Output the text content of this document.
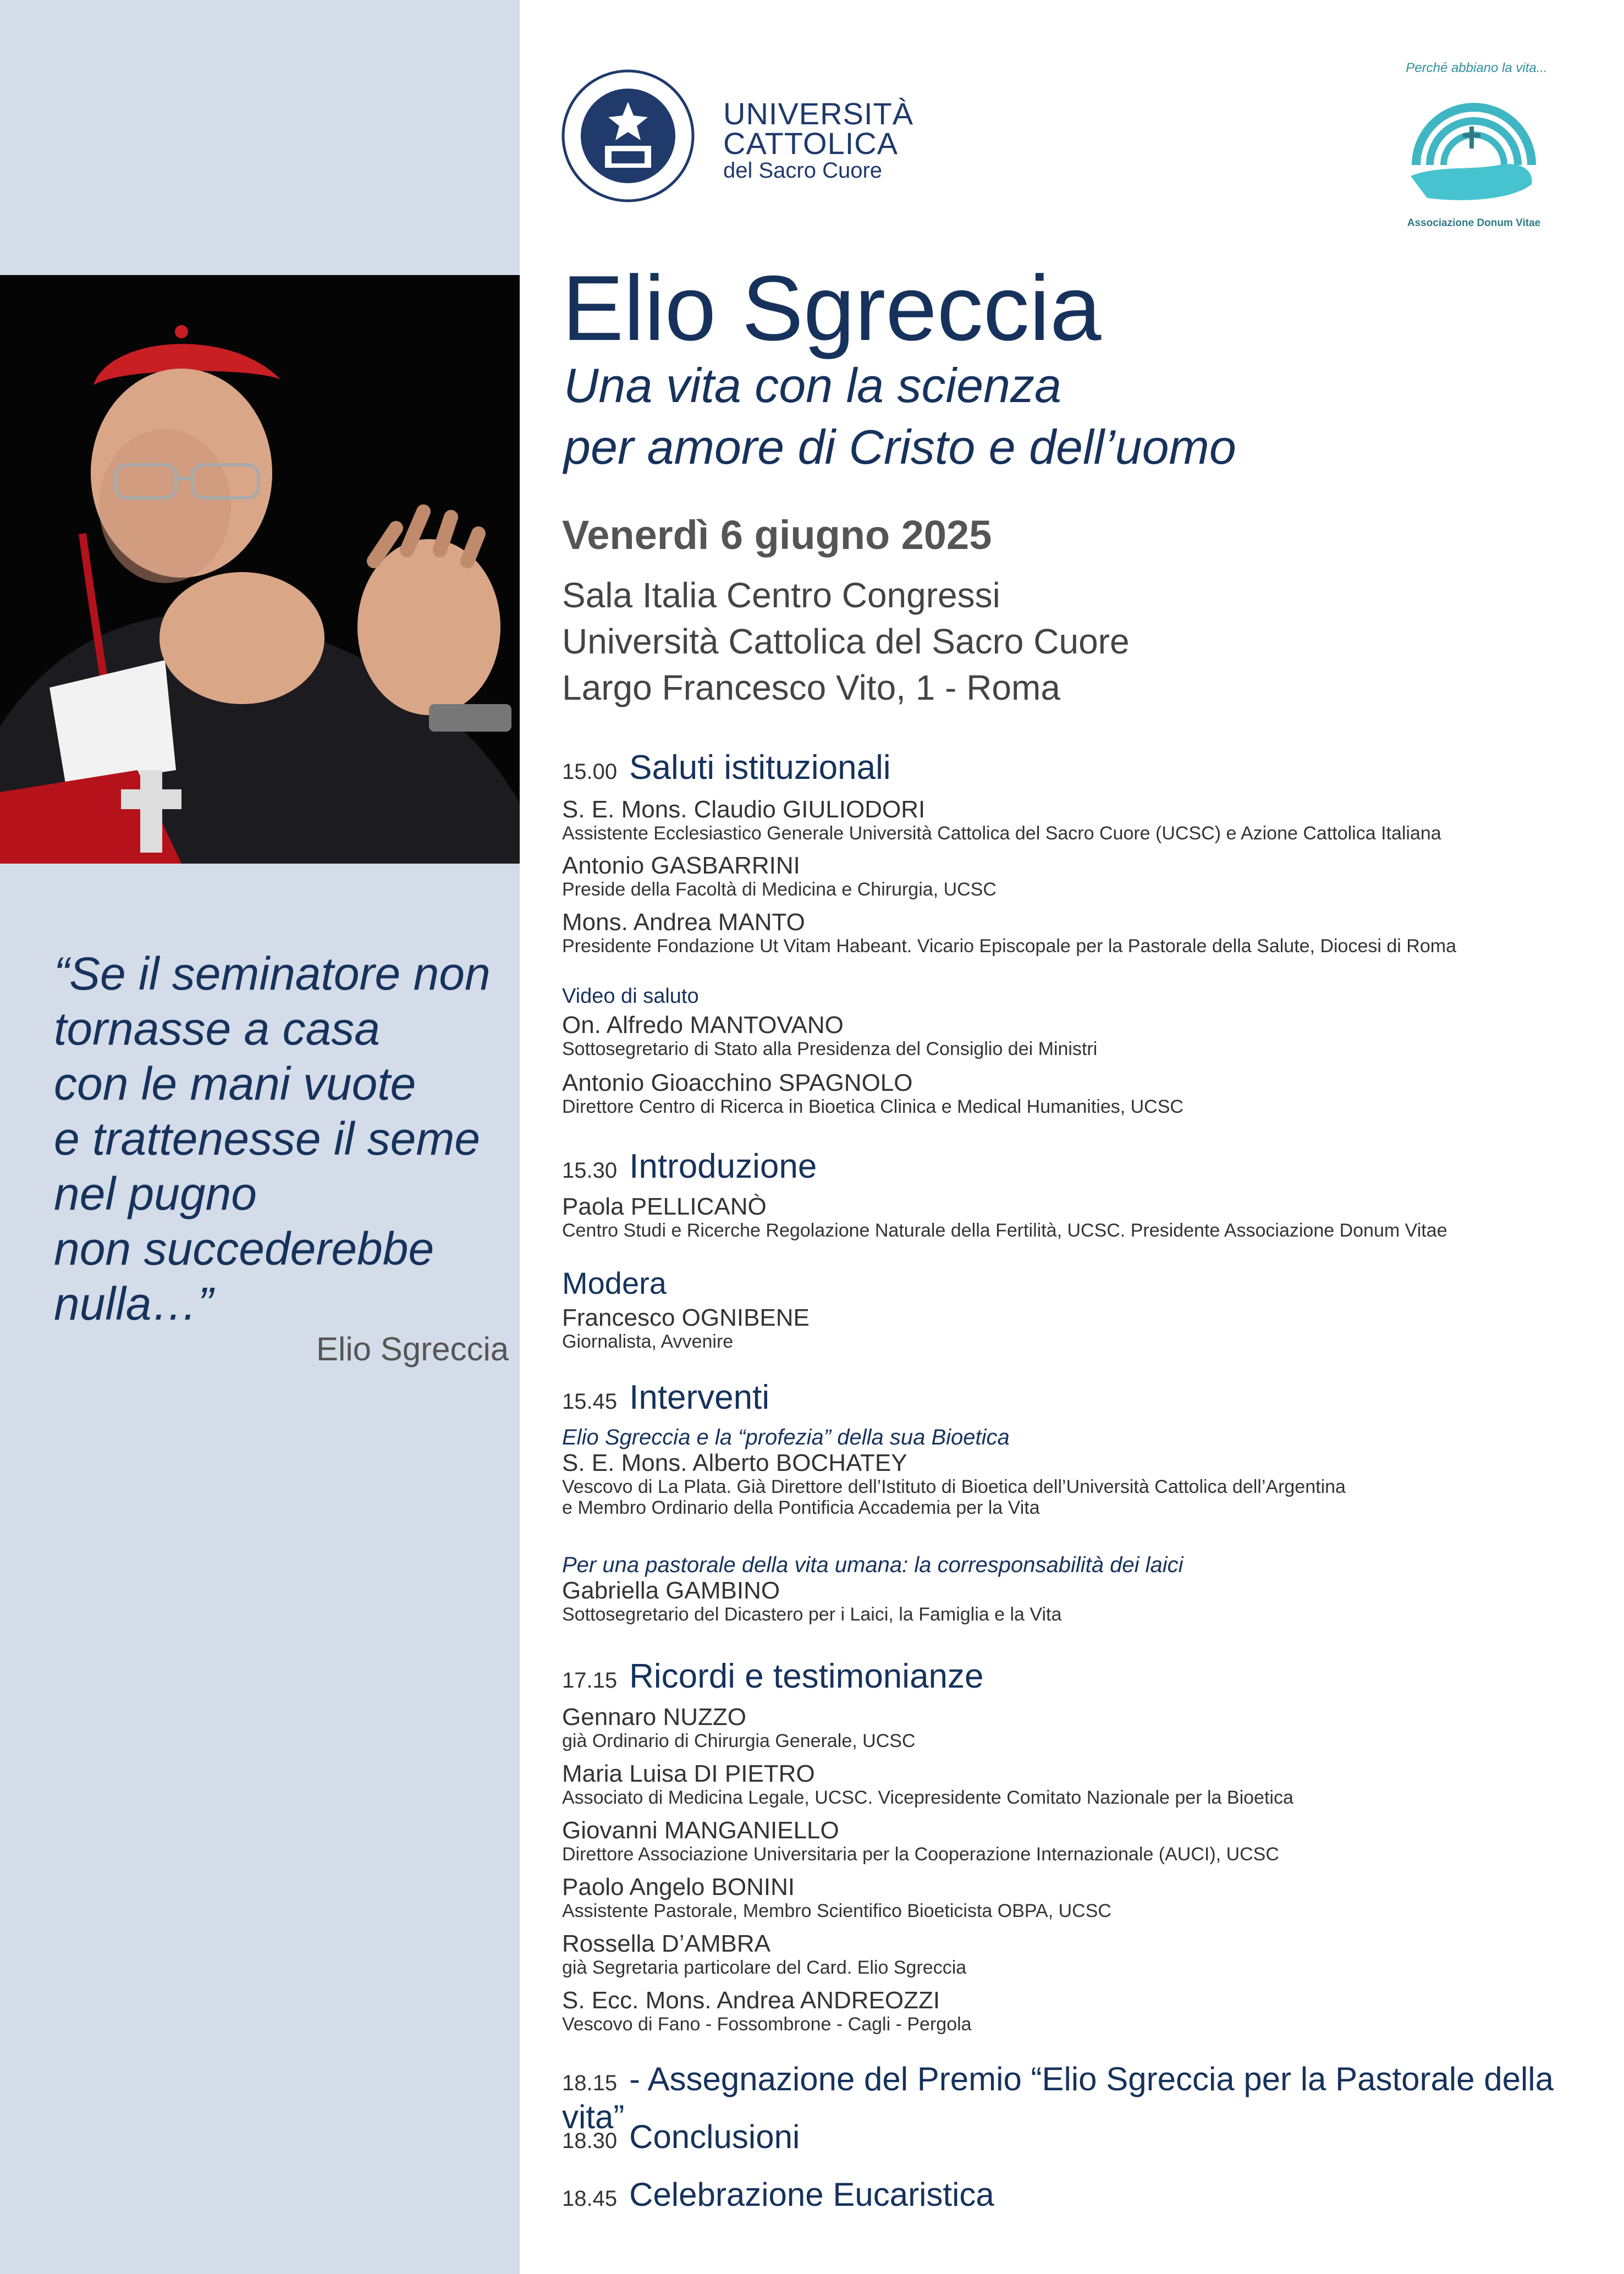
“Se il seminatore non
tornasse a casa
con le mani vuote
e trattenesse il seme
nel pugno
non succederebbe
nulla…”
Elio Sgreccia
UNIVERSITÀ
CATTOLICA
del Sacro Cuore
Perché abbiano la vita...
Associazione Donum Vitae
Elio Sgreccia
Una vita con la scienza
per amore di Cristo e dell’uomo
Venerdì 6 giugno 2025
Sala Italia Centro Congressi
Università Cattolica del Sacro Cuore
Largo Francesco Vito, 1 - Roma
15.00 Saluti istituzionali
S. E. Mons. Claudio GIULIODORI
Assistente Ecclesiastico Generale Università Cattolica del Sacro Cuore (UCSC) e Azione Cattolica Italiana
Antonio GASBARRINI
Preside della Facoltà di Medicina e Chirurgia, UCSC
Mons. Andrea MANTO
Presidente Fondazione Ut Vitam Habeant. Vicario Episcopale per la Pastorale della Salute, Diocesi di Roma
Video di saluto
On. Alfredo MANTOVANO
Sottosegretario di Stato alla Presidenza del Consiglio dei Ministri
Antonio Gioacchino SPAGNOLO
Direttore Centro di Ricerca in Bioetica Clinica e Medical Humanities, UCSC
15.30 Introduzione
Paola PELLICANÒ
Centro Studi e Ricerche Regolazione Naturale della Fertilità, UCSC. Presidente Associazione Donum Vitae
Modera
Francesco OGNIBENE
Giornalista, Avvenire
15.45 Interventi
Elio Sgreccia e la “profezia” della sua Bioetica
S. E. Mons. Alberto BOCHATEY
Vescovo di La Plata. Già Direttore dell’Istituto di Bioetica dell’Università Cattolica dell’Argentina
e Membro Ordinario della Pontificia Accademia per la Vita
Per una pastorale della vita umana: la corresponsabilità dei laici
Gabriella GAMBINO
Sottosegretario del Dicastero per i Laici, la Famiglia e la Vita
17.15 Ricordi e testimonianze
Gennaro NUZZO
già Ordinario di Chirurgia Generale, UCSC
Maria Luisa DI PIETRO
Associato di Medicina Legale, UCSC. Vicepresidente Comitato Nazionale per la Bioetica
Giovanni MANGANIELLO
Direttore Associazione Universitaria per la Cooperazione Internazionale (AUCI), UCSC
Paolo Angelo BONINI
Assistente Pastorale, Membro Scientifico Bioeticista OBPA, UCSC
Rossella D’AMBRA
già Segretaria particolare del Card. Elio Sgreccia
S. Ecc. Mons. Andrea ANDREOZZI
Vescovo di Fano - Fossombrone - Cagli - Pergola
18.15 - Assegnazione del Premio “Elio Sgreccia per la Pastorale della vita”
18.30 Conclusioni
18.45 Celebrazione Eucaristica
